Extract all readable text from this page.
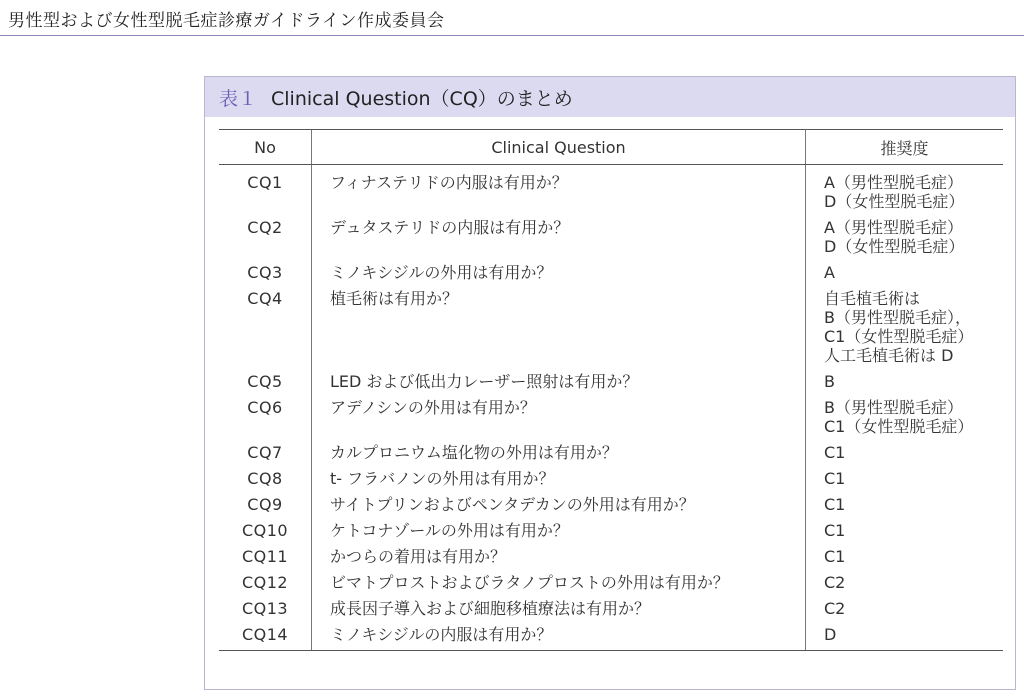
男性型および女性型脱毛症診療ガイドライン作成委員会
表１ Clinical Question（CQ）のまとめ
No	Clinical Question	推奨度
CQ1	フィナステリドの内服は有用か？	A（男性型脱毛症）
D（女性型脱毛症）

CQ2	デュタステリドの内服は有用か？	A（男性型脱毛症）
D（女性型脱毛症）

CQ3	ミノキシジルの外用は有用か？	A

CQ4	植毛術は有用か？	自毛植毛術は
B（男性型脱毛症），
C1（女性型脱毛症）
人工毛植毛術は D

CQ5	LED および低出力レーザー照射は有用か？	B

CQ6	アデノシンの外用は有用か？	B（男性型脱毛症）
C1（女性型脱毛症）

CQ7	カルプロニウム塩化物の外用は有用か？	C1

CQ8	t- フラバノンの外用は有用か？	C1

CQ9	サイトプリンおよびペンタデカンの外用は有用か？	C1

CQ10	ケトコナゾールの外用は有用か？	C1

CQ11	かつらの着用は有用か？	C1

CQ12	ビマトプロストおよびラタノプロストの外用は有用か？	C2

CQ13	成長因子導入および細胞移植療法は有用か？	C2

CQ14	ミノキシジルの内服は有用か？	D
